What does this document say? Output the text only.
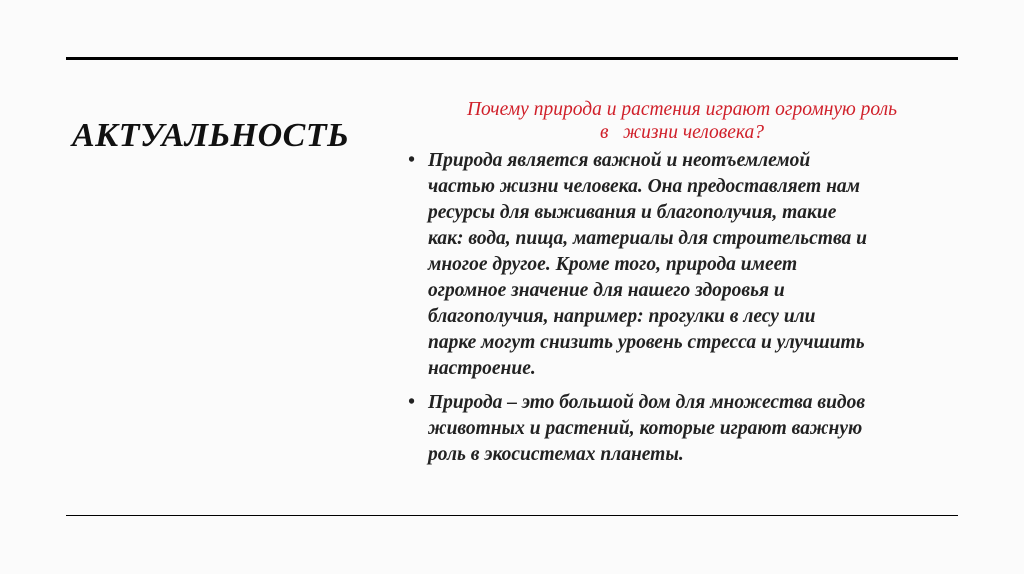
АКТУАЛЬНОСТЬ
Почему природа и растения играют огромную роль
в   жизни человека?
• Природа является важной и неотъемлемой
частью жизни человека. Она предоставляет нам
ресурсы для выживания и благополучия, такие
как: вода, пища, материалы для строительства и
многое другое. Кроме того, природа имеет
огромное значение для нашего здоровья и
благополучия, например: прогулки в лесу или
парке могут снизить уровень стресса и улучшить
настроение.
• Природа – это большой дом для множества видов
животных и растений, которые играют важную
роль в экосистемах планеты.
